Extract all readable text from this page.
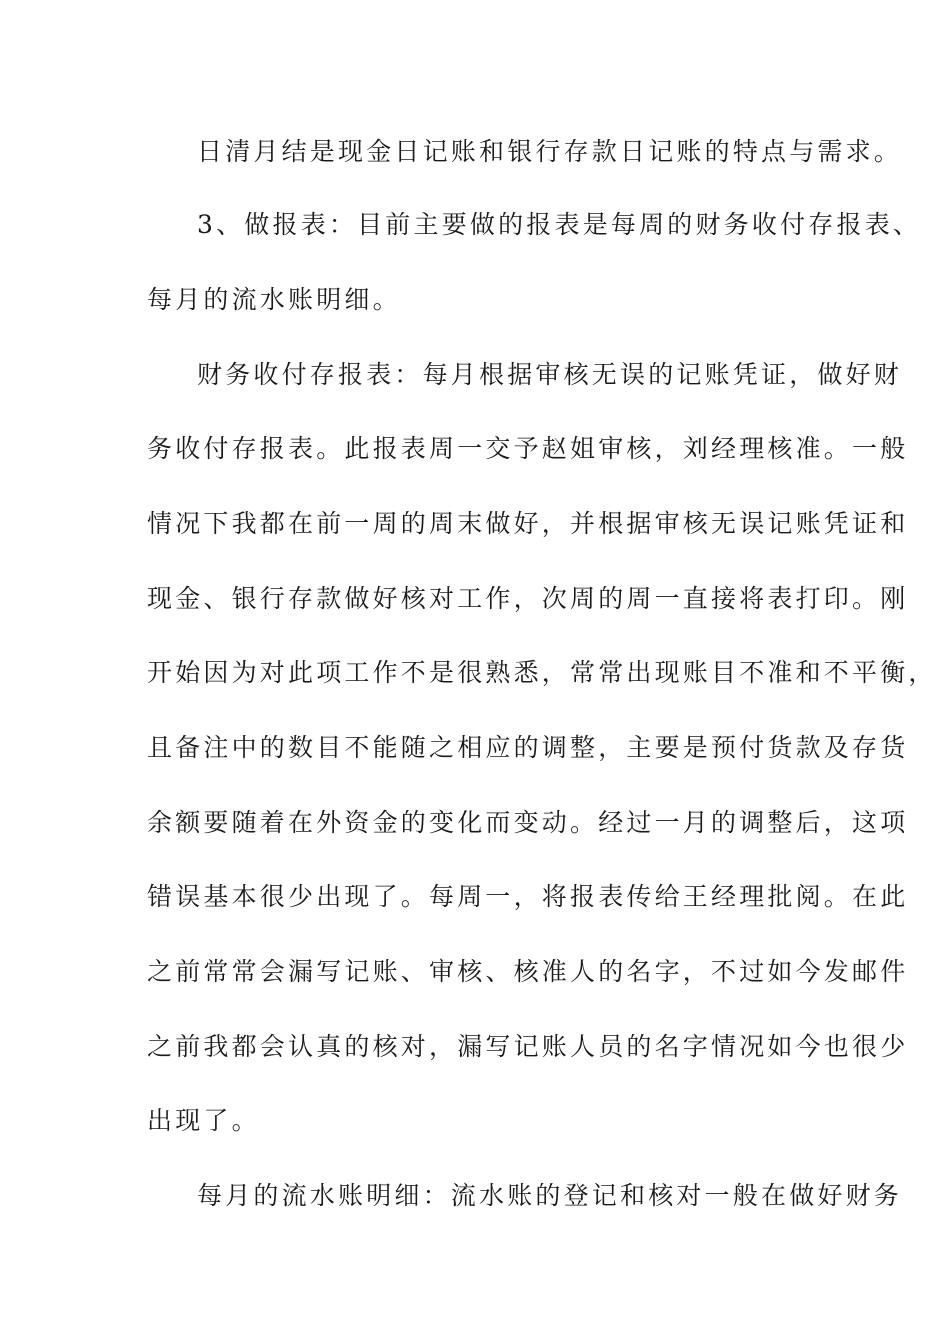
日清月结是现金日记账和银行存款日记账的特点与需求。
3、做报表：目前主要做的报表是每周的财务收付存报表、
每月的流水账明细。
财务收付存报表：每月根据审核无误的记账凭证，做好财
务收付存报表。此报表周一交予赵姐审核，刘经理核准。一般
情况下我都在前一周的周末做好，并根据审核无误记账凭证和
现金、银行存款做好核对工作，次周的周一直接将表打印。刚
开始因为对此项工作不是很熟悉，常常出现账目不准和不平衡，
且备注中的数目不能随之相应的调整，主要是预付货款及存货
余额要随着在外资金的变化而变动。经过一月的调整后，这项
错误基本很少出现了。每周一，将报表传给王经理批阅。在此
之前常常会漏写记账、审核、核准人的名字，不过如今发邮件
之前我都会认真的核对，漏写记账人员的名字情况如今也很少
出现了。
每月的流水账明细：流水账的登记和核对一般在做好财务
